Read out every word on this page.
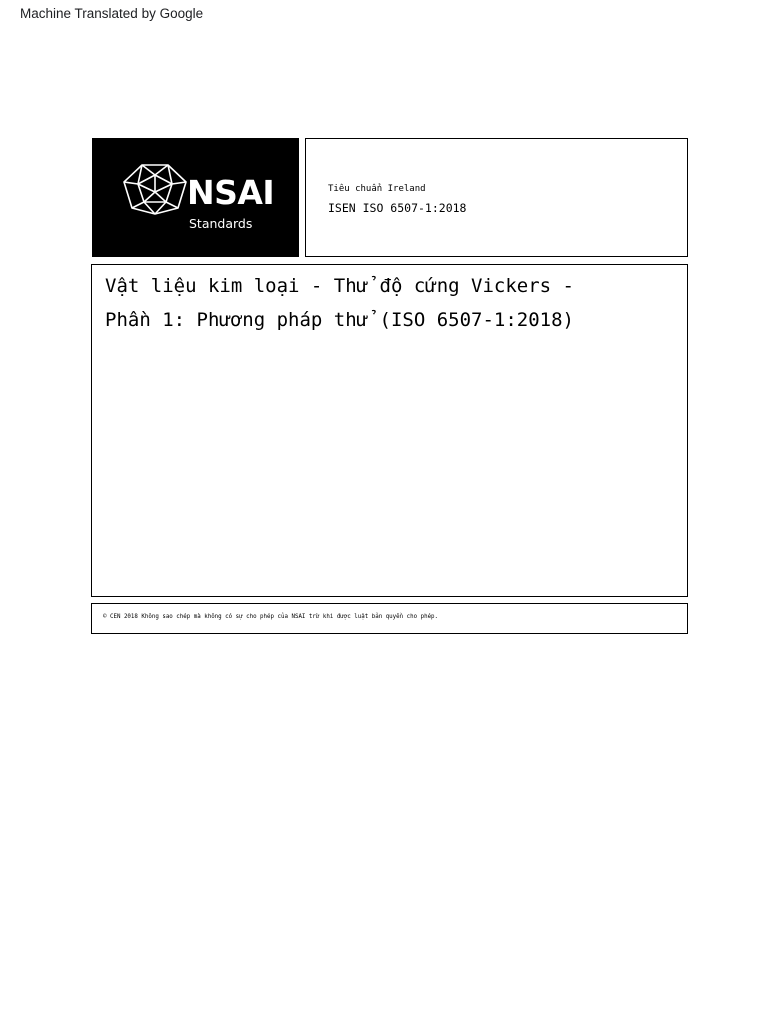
Machine Translated by Google
NSAI
Standards
Tiêu chuẩn Ireland
ISEN ISO 6507-1:2018
Vật liệu kim loại - Thử độ cứng Vickers -
Phần 1: Phương pháp thử (ISO 6507-1:2018)
© CEN 2018 Không sao chép mà không có sự cho phép của NSAI trừ khi được luật bản quyền cho phép.
